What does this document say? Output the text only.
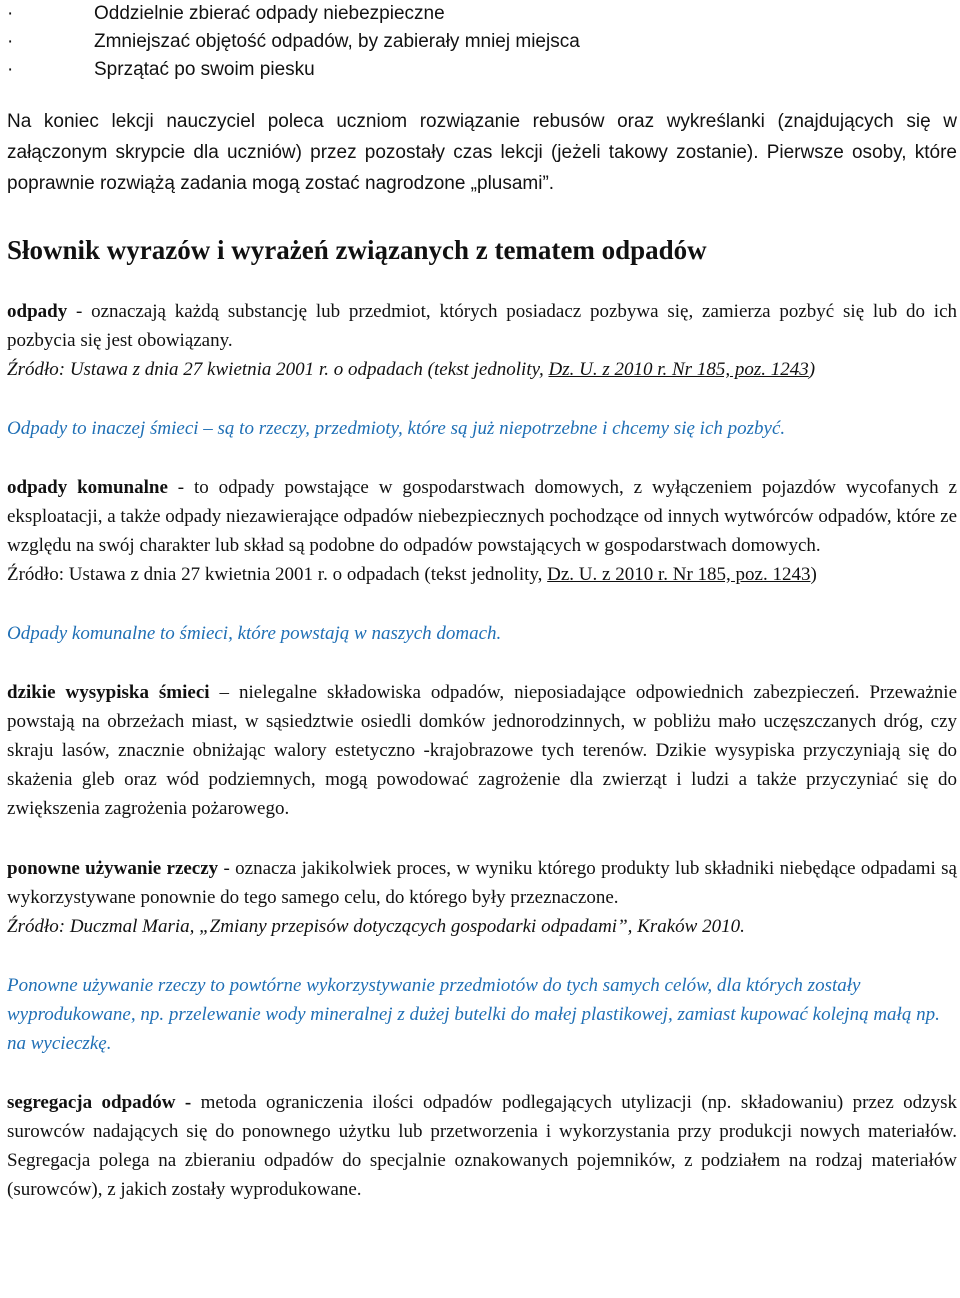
·	Oddzielnie zbierać odpady niebezpieczne
·	Zmniejszać objętość odpadów, by zabierały mniej miejsca
·	Sprzątać po swoim piesku

Na koniec lekcji nauczyciel poleca uczniom rozwiązanie rebusów oraz wykreślanki (znajdujących się w załączonym skrypcie dla uczniów) przez pozostały czas lekcji (jeżeli takowy zostanie). Pierwsze osoby, które poprawnie rozwiążą zadania mogą zostać nagrodzone „plusami”.

Słownik wyrazów i wyrażeń związanych z tematem odpadów

odpady - oznaczają każdą substancję lub przedmiot, których posiadacz pozbywa się, zamierza pozbyć się lub do ich pozbycia się jest obowiązany.

Źródło: Ustawa z dnia 27 kwietnia 2001 r. o odpadach (tekst jednolity, Dz. U. z 2010 r. Nr 185, poz. 1243)

Odpady to inaczej śmieci – są to rzeczy, przedmioty, które są już niepotrzebne i chcemy się ich pozbyć.

odpady komunalne - to odpady powstające w gospodarstwach domowych, z wyłączeniem pojazdów wycofanych z eksploatacji, a także odpady niezawierające odpadów niebezpiecznych pochodzące od innych wytwórców odpadów, które ze względu na swój charakter lub skład są podobne do odpadów powstających w gospodarstwach domowych.

Źródło: Ustawa z dnia 27 kwietnia 2001 r. o odpadach (tekst jednolity, Dz. U. z 2010 r. Nr 185, poz. 1243)

Odpady komunalne to śmieci, które powstają w naszych domach.

dzikie wysypiska śmieci – nielegalne składowiska odpadów, nieposiadające odpowiednich zabezpieczeń. Przeważnie powstają na obrzeżach miast, w sąsiedztwie osiedli domków jednorodzinnych, w pobliżu mało uczęszczanych dróg, czy skraju lasów, znacznie obniżając walory estetyczno -krajobrazowe tych terenów. Dzikie wysypiska przyczyniają się do skażenia gleb oraz wód podziemnych, mogą powodować zagrożenie dla zwierząt i ludzi a także przyczyniać się do zwiększenia zagrożenia pożarowego.

ponowne używanie rzeczy - oznacza jakikolwiek proces, w wyniku którego produkty lub składniki niebędące odpadami są wykorzystywane ponownie do tego samego celu, do którego były przeznaczone.

Źródło: Duczmal Maria, „Zmiany przepisów dotyczących gospodarki odpadami”, Kraków 2010.

Ponowne używanie rzeczy to powtórne wykorzystywanie przedmiotów do tych samych celów, dla których zostały wyprodukowane, np. przelewanie wody mineralnej z dużej butelki do małej plastikowej, zamiast kupować kolejną małą np. na wycieczkę.

segregacja odpadów - metoda ograniczenia ilości odpadów podlegających utylizacji (np. składowaniu) przez odzysk surowców nadających się do ponownego użytku lub przetworzenia i wykorzystania przy produkcji nowych materiałów. Segregacja polega na zbieraniu odpadów do specjalnie oznakowanych pojemników, z podziałem na rodzaj materiałów (surowców), z jakich zostały wyprodukowane.
